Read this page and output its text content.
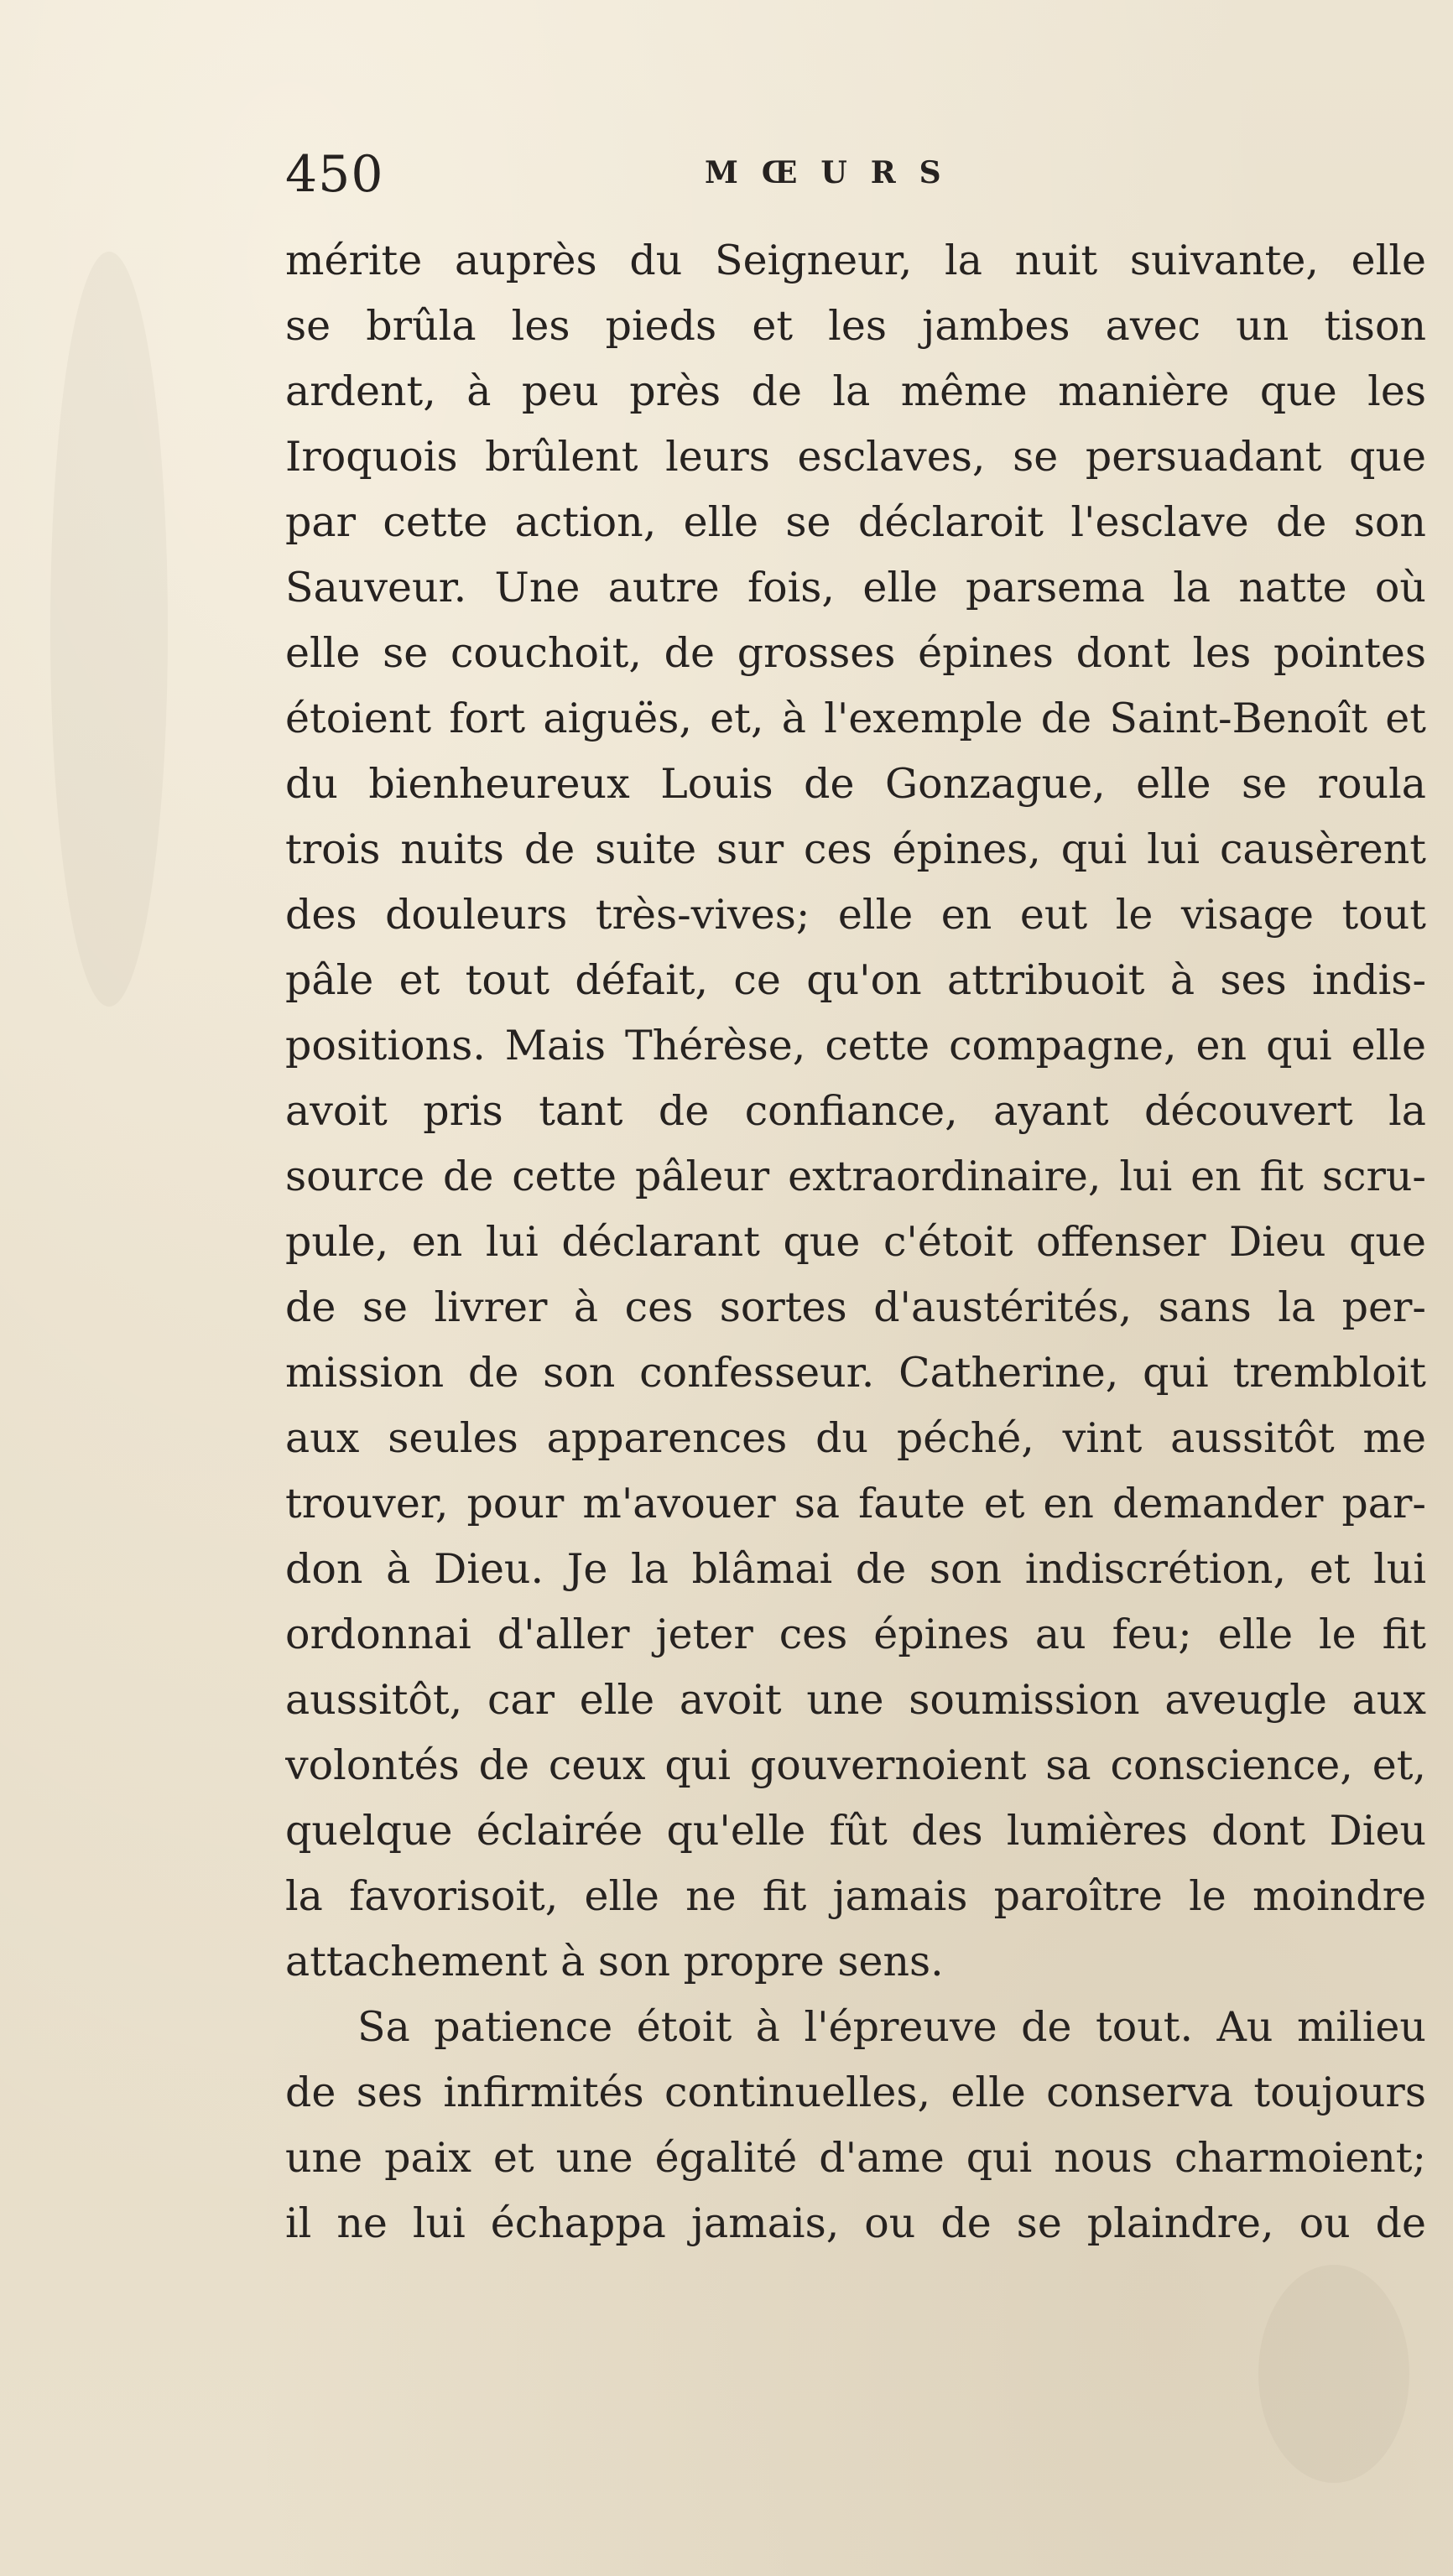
450	MŒURS
mérite auprès du Seigneur, la nuit suivante, elle
se brûla les pieds et les jambes avec un tison
ardent, à peu près de la même manière que les
Iroquois brûlent leurs esclaves, se persuadant que
par cette action, elle se déclaroit l'esclave de son
Sauveur. Une autre fois, elle parsema la natte où
elle se couchoit, de grosses épines dont les pointes
étoient fort aiguës, et, à l'exemple de Saint-Benoît et
du bienheureux Louis de Gonzague, elle se roula
trois nuits de suite sur ces épines, qui lui causèrent
des douleurs très-vives; elle en eut le visage tout
pâle et tout défait, ce qu'on attribuoit à ses indis-
positions. Mais Thérèse, cette compagne, en qui elle
avoit pris tant de confiance, ayant découvert la
source de cette pâleur extraordinaire, lui en fit scru-
pule, en lui déclarant que c'étoit offenser Dieu que
de se livrer à ces sortes d'austérités, sans la per-
mission de son confesseur. Catherine, qui trembloit
aux seules apparences du péché, vint aussitôt me
trouver, pour m'avouer sa faute et en demander par-
don à Dieu. Je la blâmai de son indiscrétion, et lui
ordonnai d'aller jeter ces épines au feu; elle le fit
aussitôt, car elle avoit une soumission aveugle aux
volontés de ceux qui gouvernoient sa conscience, et,
quelque éclairée qu'elle fût des lumières dont Dieu
la favorisoit, elle ne fit jamais paroître le moindre
attachement à son propre sens.
Sa patience étoit à l'épreuve de tout. Au milieu
de ses infirmités continuelles, elle conserva toujours
une paix et une égalité d'ame qui nous charmoient;
il ne lui échappa jamais, ou de se plaindre, ou de
